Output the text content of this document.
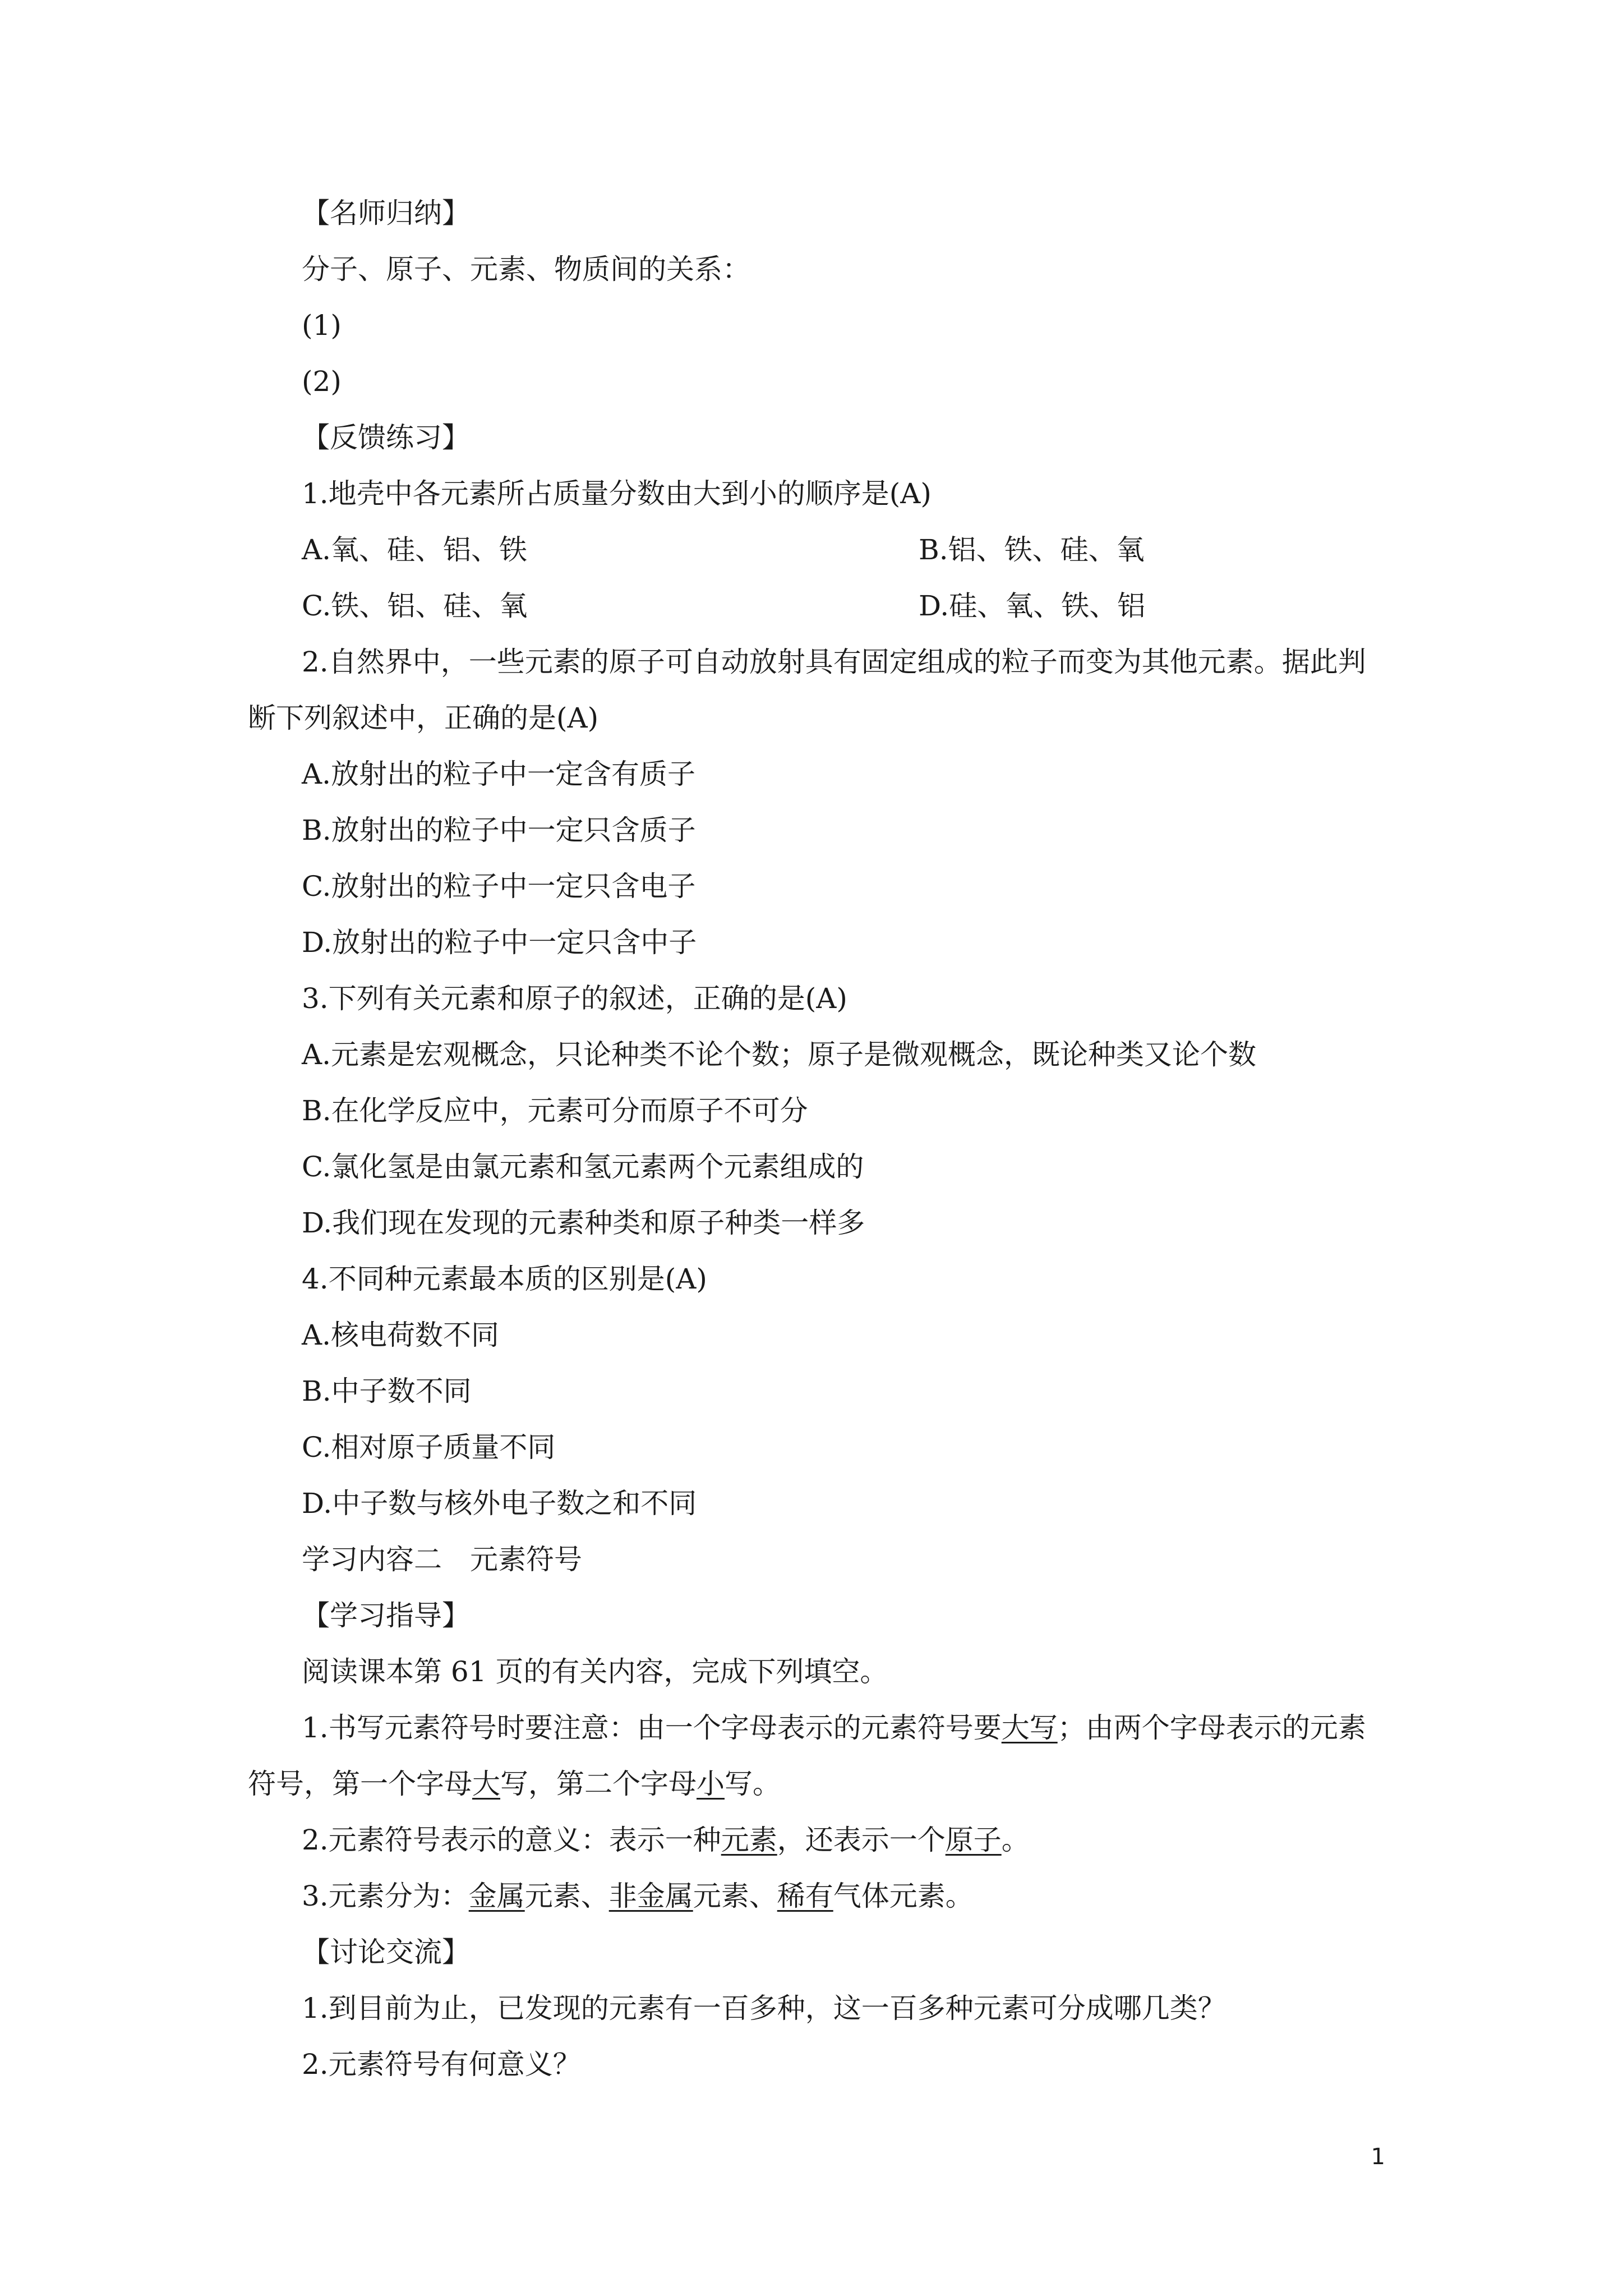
【名师归纳】
分子、原子、元素、物质间的关系：
(1)
(2)
【反馈练习】
1.地壳中各元素所占质量分数由大到小的顺序是(A)
A.氧、硅、铝、铁	B.铝、铁、硅、氧
C.铁、铝、硅、氧	D.硅、氧、铁、铝
2.自然界中，一些元素的原子可自动放射具有固定组成的粒子而变为其他元素。据此判
断下列叙述中，正确的是(A)
A.放射出的粒子中一定含有质子
B.放射出的粒子中一定只含质子
C.放射出的粒子中一定只含电子
D.放射出的粒子中一定只含中子
3.下列有关元素和原子的叙述，正确的是(A)
A.元素是宏观概念，只论种类不论个数；原子是微观概念，既论种类又论个数
B.在化学反应中，元素可分而原子不可分
C.氯化氢是由氯元素和氢元素两个元素组成的
D.我们现在发现的元素种类和原子种类一样多
4.不同种元素最本质的区别是(A)
A.核电荷数不同
B.中子数不同
C.相对原子质量不同
D.中子数与核外电子数之和不同
学习内容二　元素符号
【学习指导】
阅读课本第 61 页的有关内容，完成下列填空。
1.书写元素符号时要注意：由一个字母表示的元素符号要大写；由两个字母表示的元素
符号，第一个字母大写，第二个字母小写。
2.元素符号表示的意义：表示一种元素，还表示一个原子。
3.元素分为：金属元素、非金属元素、稀有气体元素。
【讨论交流】
1.到目前为止，已发现的元素有一百多种，这一百多种元素可分成哪几类？
2.元素符号有何意义？
1
